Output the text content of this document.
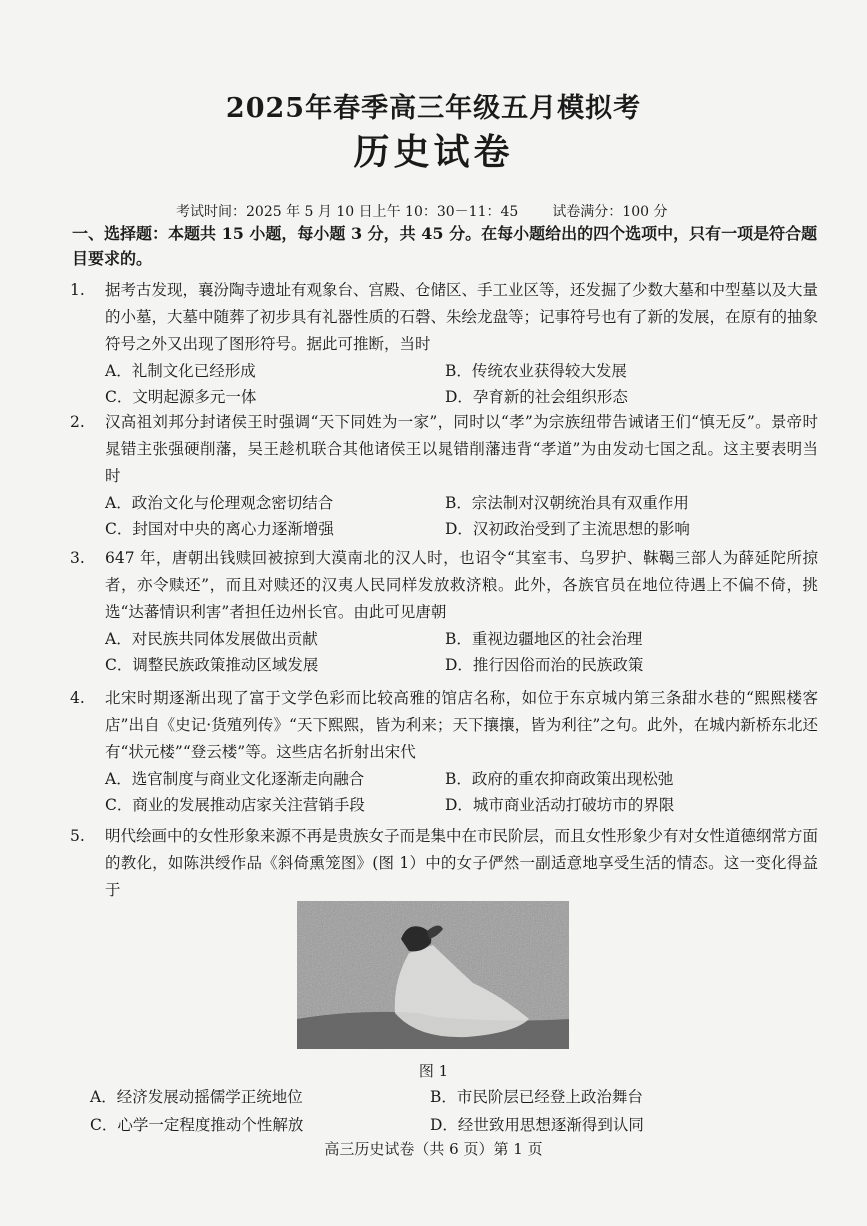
2025年春季高三年级五月模拟考
历史试卷
考试时间：2025 年 5 月 10 日上午 10：30－11：45 试卷满分：100 分
一、选择题：本题共 15 小题，每小题 3 分，共 45 分。在每小题给出的四个选项中，只有一项是符合题目要求的。
1. 据考古发现，襄汾陶寺遗址有观象台、宫殿、仓储区、手工业区等，还发掘了少数大墓和中型墓以及大量的小墓，大墓中随葬了初步具有礼器性质的石磬、朱绘龙盘等；记事符号也有了新的发展，在原有的抽象符号之外又出现了图形符号。据此可推断，当时
A．礼制文化已经形成	B．传统农业获得较大发展
C．文明起源多元一体	D．孕育新的社会组织形态
2. 汉高祖刘邦分封诸侯王时强调“天下同姓为一家”，同时以“孝”为宗族纽带告诫诸王们“慎无反”。景帝时晁错主张强硬削藩，吴王趁机联合其他诸侯王以晁错削藩违背“孝道”为由发动七国之乱。这主要表明当时
A．政治文化与伦理观念密切结合	B．宗法制对汉朝统治具有双重作用
C．封国对中央的离心力逐渐增强	D．汉初政治受到了主流思想的影响
3. 647 年，唐朝出钱赎回被掠到大漠南北的汉人时，也诏令“其室韦、乌罗护、靺鞨三部人为薛延陀所掠者，亦令赎还”，而且对赎还的汉夷人民同样发放救济粮。此外，各族官员在地位待遇上不偏不倚，挑选“达蕃情识利害”者担任边州长官。由此可见唐朝
A．对民族共同体发展做出贡献	B．重视边疆地区的社会治理
C．调整民族政策推动区域发展	D．推行因俗而治的民族政策
4. 北宋时期逐渐出现了富于文学色彩而比较高雅的馆店名称，如位于东京城内第三条甜水巷的“熙熙楼客店”出自《史记·货殖列传》“天下熙熙，皆为利来；天下攘攘，皆为利往”之句。此外，在城内新桥东北还有“状元楼”“登云楼”等。这些店名折射出宋代
A．选官制度与商业文化逐渐走向融合	B．政府的重农抑商政策出现松弛
C．商业的发展推动店家关注营销手段	D．城市商业活动打破坊市的界限
5. 明代绘画中的女性形象来源不再是贵族女子而是集中在市民阶层，而且女性形象少有对女性道德纲常方面的教化，如陈洪绶作品《斜倚熏笼图》(图 1）中的女子俨然一副适意地享受生活的情态。这一变化得益于
图 1
A．经济发展动摇儒学正统地位	B．市民阶层已经登上政治舞台
C．心学一定程度推动个性解放	D．经世致用思想逐渐得到认同
高三历史试卷（共 6 页）第 1 页
